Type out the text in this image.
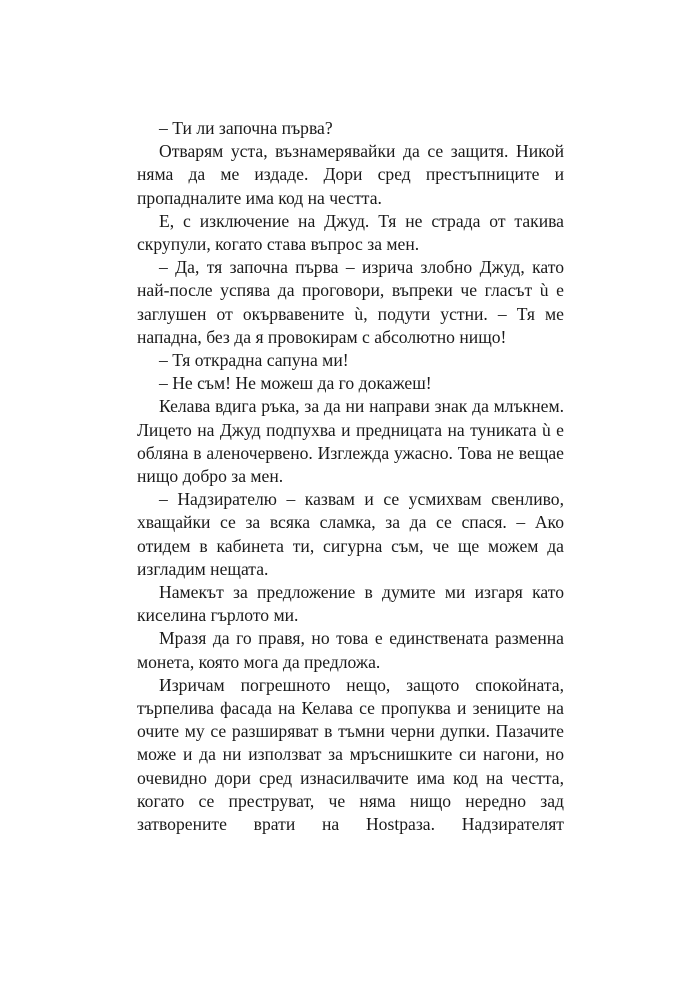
– Ти ли започна първа?

Отварям уста, възнамерявайки да се защитя. Никой няма да ме издаде. Дори сред престъпниците и пропадналите има код на честта.

Е, с изключение на Джуд. Тя не страда от такива скрупули, когато става въпрос за мен.

– Да, тя започна първа – изрича злобно Джуд, като най-после успява да проговори, въпреки че гласът ù е заглушен от окървавените ù, подути устни. – Тя ме нападна, без да я провокирам с абсолютно нищо!

– Тя открадна сапуна ми!

– Не съм! Не можеш да го докажеш!

Келава вдига ръка, за да ни направи знак да млъкнем. Лицето на Джуд подпухва и предницата на туниката ù е обляна в аленочервено. Изглежда ужасно. Това не вещае нищо добро за мен.

– Надзирателю – казвам и се усмихвам свенливо, хващайки се за всяка сламка, за да се спася. – Ако отидем в кабинета ти, сигурна съм, че ще можем да изгладим нещата.

Намекът за предложение в думите ми изгаря като киселина гърлото ми.

Мразя да го правя, но това е единствената разменна монета, която мога да предложа.

Изричам погрешното нещо, защото спокойната, търпелива фасада на Келава се пропуква и зениците на очите му се разширяват в тъмни черни дупки. Пазачите може и да ни използват за мръснишките си нагони, но очевидно дори сред изнасилвачите има код на честта, когато се преструват, че няма нищо нередно зад затворените врати на Нostраза. Надзирателят
